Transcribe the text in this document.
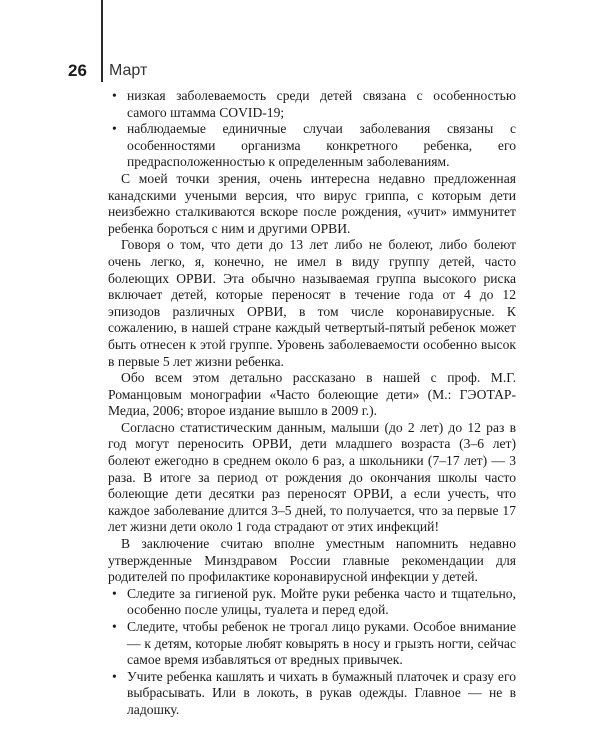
26	Март
• низкая заболеваемость среди детей связана с особенностью самого штамма COVID-19;
• наблюдаемые единичные случаи заболевания связаны с особенностями организма конкретного ребенка, его предрасположенностью к определенным заболеваниям.

С моей точки зрения, очень интересна недавно предложенная канадскими учеными версия, что вирус гриппа, с которым дети неизбежно сталкиваются вскоре после рождения, «учит» иммунитет ребенка бороться с ним и другими ОРВИ.

Говоря о том, что дети до 13 лет либо не болеют, либо болеют очень легко, я, конечно, не имел в виду группу детей, часто болеющих ОРВИ. Эта обычно называемая группа высокого риска включает детей, которые переносят в течение года от 4 до 12 эпизодов различных ОРВИ, в том числе коронавирусные. К сожалению, в нашей стране каждый четвертый-пятый ребенок может быть отнесен к этой группе. Уровень заболеваемости особенно высок в первые 5 лет жизни ребенка.

Обо всем этом детально рассказано в нашей с проф. М.Г. Романцовым монографии «Часто болеющие дети» (М.: ГЭОТАР-Медиа, 2006; второе издание вышло в 2009 г.).

Согласно статистическим данным, малыши (до 2 лет) до 12 раз в год могут переносить ОРВИ, дети младшего возраста (3–6 лет) болеют ежегодно в среднем около 6 раз, а школьники (7–17 лет) — 3 раза. В итоге за период от рождения до окончания школы часто болеющие дети десятки раз переносят ОРВИ, а если учесть, что каждое заболевание длится 3–5 дней, то получается, что за первые 17 лет жизни дети около 1 года страдают от этих инфекций!

В заключение считаю вполне уместным напомнить недавно утвержденные Минздравом России главные рекомендации для родителей по профилактике коронавирусной инфекции у детей.

• Следите за гигиеной рук. Мойте руки ребенка часто и тщательно, особенно после улицы, туалета и перед едой.
• Следите, чтобы ребенок не трогал лицо руками. Особое внимание — к детям, которые любят ковырять в носу и грызть ногти, сейчас самое время избавляться от вредных привычек.
• Учите ребенка кашлять и чихать в бумажный платочек и сразу его выбрасывать. Или в локоть, в рукав одежды. Главное — не в ладошку.
